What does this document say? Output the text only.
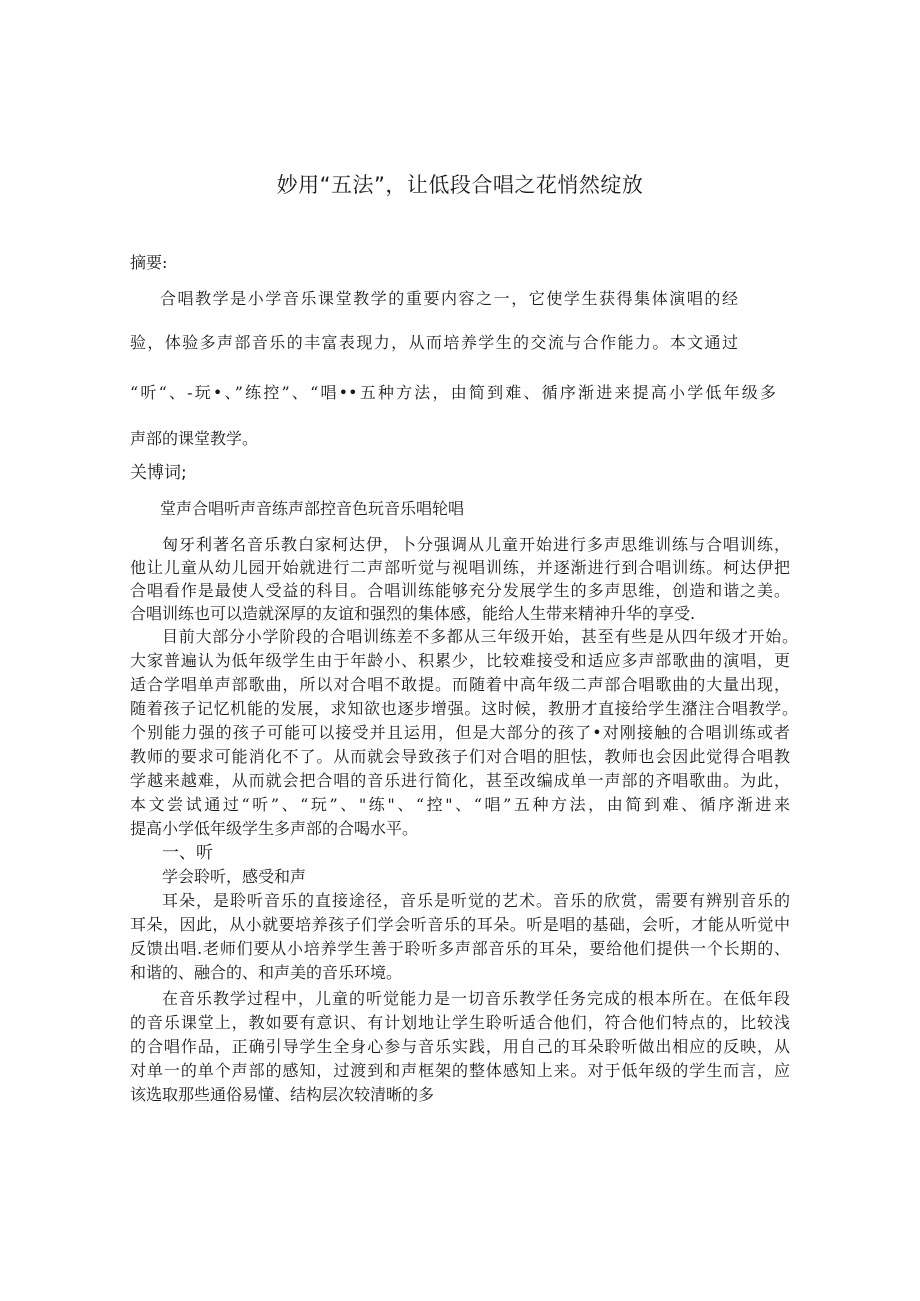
妙用“五法”，让低段合唱之花悄然绽放
摘要:
合唱教学是小学音乐课堂教学的重要内容之一，它使学生获得集体演唱的经
验，体验多声部音乐的丰富表现力，从而培养学生的交流与合作能力。本文通过
“听“、-玩•、”练控”、“唱••五种方法，由简到难、循序渐进来提高小学低年级多
声部的课堂教学。
关博词;
堂声合唱听声音练声部控音色玩音乐唱轮唱
匈牙利著名音乐教白家柯达伊，卜分强调从儿童开始进行多声思维训练与合唱训练，
他让儿童从幼儿园开始就进行二声部听觉与视唱训练，并逐渐进行到合唱训练。柯达伊把
合唱看作是最使人受益的科目。合唱训练能够充分发展学生的多声思维，创造和谐之美。
合唱训练也可以造就深厚的友谊和强烈的集体感，能给人生带来精神升华的享受.
目前大部分小学阶段的合唱训练差不多都从三年级开始，甚至有些是从四年级才开始。
大家普遍认为低年级学生由于年龄小、积累少，比较难接受和适应多声部歌曲的演唱，更
适合学唱单声部歌曲，所以对合唱不敢提。而随着中高年级二声部合唱歌曲的大量出现，
随着孩子记忆机能的发展，求知欲也逐步增强。这时候，教册才直接给学生潴注合唱教学。
个别能力强的孩子可能可以接受并且运用，但是大部分的孩了•对刚接触的合唱训练或者
教师的要求可能消化不了。从而就会导致孩子们对合唱的胆怯，教师也会因此觉得合唱教
学越来越难，从而就会把合唱的音乐进行简化，甚至改编成单一声部的齐唱歌曲。为此，
本文尝试通过“听”、“玩”、"练"、“控"、“唱”五种方法，由简到难、循序渐进来
提高小学低年级学生多声部的合喝水平。
一、听
学会聆听，感受和声
耳朵，是聆听音乐的直接途径，音乐是听觉的艺术。音乐的欣赏，需要有辨别音乐的
耳朵，因此，从小就要培养孩子们学会听音乐的耳朵。听是唱的基础，会听，才能从听觉中
反馈出唱.老师们要从小培养学生善于聆听多声部音乐的耳朵，要给他们提供一个长期的、
和谐的、融合的、和声美的音乐环境。
在音乐教学过程中，儿童的听觉能力是一切音乐教学任务完成的根本所在。在低年段
的音乐课堂上，教如要有意识、有计划地让学生聆听适合他们，符合他们特点的，比较浅
的合唱作品，正确引导学生全身心参与音乐实践，用自己的耳朵聆听做出相应的反映，从
对单一的单个声部的感知，过渡到和声框架的整体感知上来。对于低年级的学生而言，应
该选取那些通俗易懂、结构层次较清晰的多
